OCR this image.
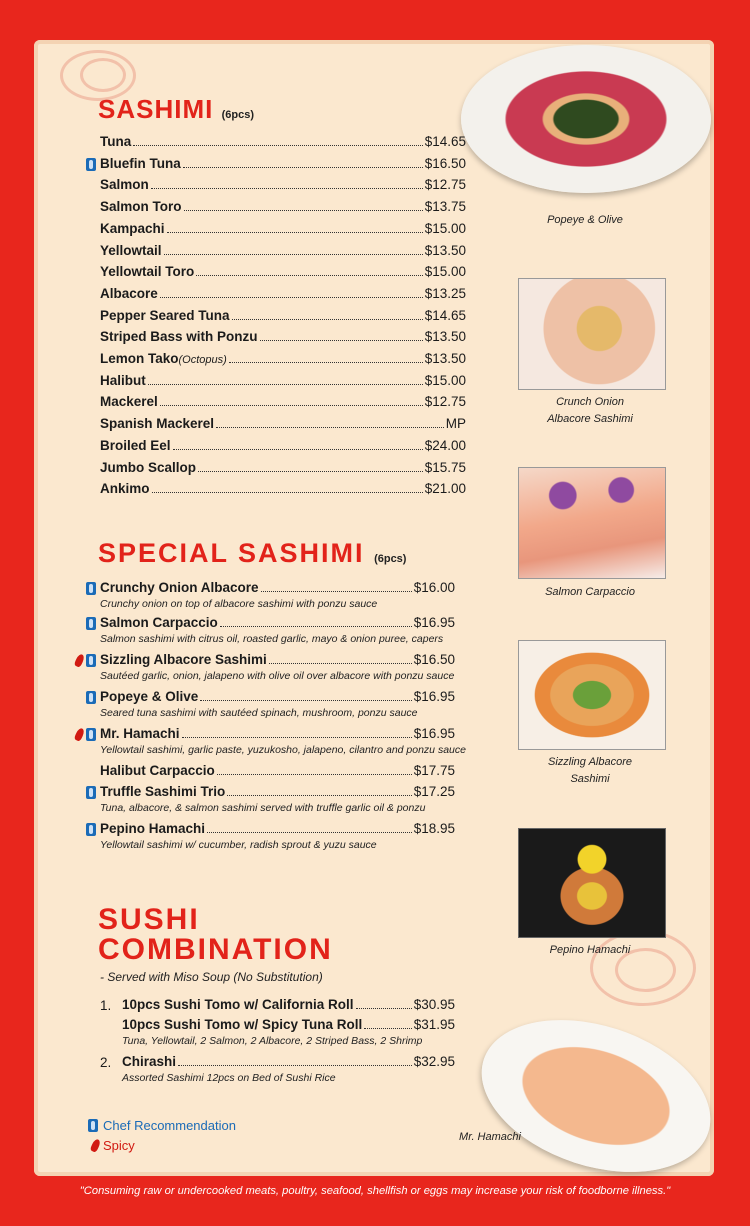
SASHIMI (6pcs)
Tuna	$14.65
Bluefin Tuna	$16.50
Salmon	$12.75
Salmon Toro	$13.75
Kampachi	$15.00
Yellowtail	$13.50
Yellowtail Toro	$15.00
Albacore	$13.25
Pepper Seared Tuna	$14.65
Striped Bass with Ponzu	$13.50
Lemon Tako (Octopus)	$13.50
Halibut	$15.00
Mackerel	$12.75
Spanish Mackerel	MP
Broiled Eel	$24.00
Jumbo Scallop	$15.75
Ankimo	$21.00
SPECIAL SASHIMI (6pcs)
Crunchy Onion Albacore	$16.00
Crunchy onion on top of albacore sashimi with ponzu sauce
Salmon Carpaccio	$16.95
Salmon sashimi with citrus oil, roasted garlic, mayo & onion puree, capers
Sizzling Albacore Sashimi	$16.50
Sautéed garlic, onion, jalapeno with olive oil over albacore with ponzu sauce
Popeye & Olive	$16.95
Seared tuna sashimi with sautéed spinach, mushroom, ponzu sauce
Mr. Hamachi	$16.95
Yellowtail sashimi, garlic paste, yuzukosho, jalapeno, cilantro and ponzu sauce
Halibut Carpaccio	$17.75
Truffle Sashimi Trio	$17.25
Tuna, albacore, & salmon sashimi served with truffle garlic oil & ponzu
Pepino Hamachi	$18.95
Yellowtail sashimi w/ cucumber, radish sprout & yuzu sauce
SUSHI
COMBINATION
- Served with Miso Soup (No Substitution)
1. 10pcs Sushi Tomo w/ California Roll	$30.95
10pcs Sushi Tomo w/ Spicy Tuna Roll	$31.95
Tuna, Yellowtail, 2 Salmon, 2 Albacore, 2 Striped Bass, 2 Shrimp
2. Chirashi	$32.95
Assorted Sashimi 12pcs on Bed of Sushi Rice
Chef Recommendation
Spicy
Popeye & Olive
Crunch Onion
Albacore Sashimi
Salmon Carpaccio
Sizzling Albacore
Sashimi
Pepino Hamachi
Mr. Hamachi
"Consuming raw or undercooked meats, poultry, seafood, shellfish or eggs may increase your risk of foodborne illness."
